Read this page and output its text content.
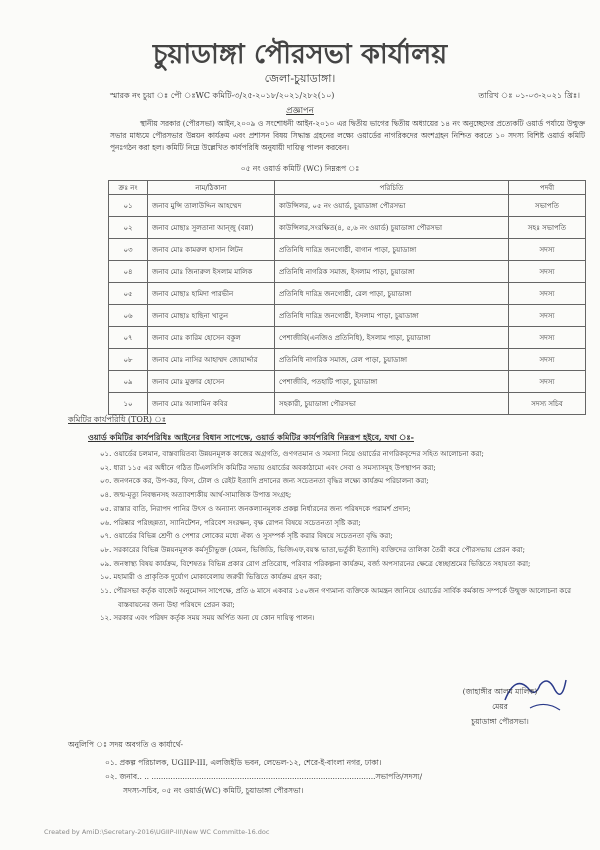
চুয়াডাঙ্গা পৌরসভা কার্যালয়
জেলা-চুয়াডাঙ্গা।
স্মারক নং চুয়া ঃ পৌ ঃWC কমিটি-৩/২৫-২০১৮/২০২১/২৮২(১০)	তারিখ ঃ ০১-০৩-২০২১ খ্রিঃ।
প্রজ্ঞাপন
স্থানীয় সরকার (পৌরসভা) আইন,২০০৯ ও সংশোধনী আইন-২০১০ এর দ্বিতীয় ভাগের দ্বিতীয় অধ্যায়ের ১৪ নং অনুচ্ছেদের প্রত্যেকটি ওয়ার্ড পর্যায়ে উন্মুক্ত সভার মাধ্যমে পৌরসভার উন্নয়ন কার্যক্রম এবং প্রশাসন বিষয় সিদ্ধান্ত গ্রহনের লক্ষ্যে ওয়ার্ডের নাগরিকদের অংশগ্রহন নিশ্চিত করতে ১০ সদস্য বিশিষ্ট ওয়ার্ড কমিটি পুনঃগঠন করা হল। কমিটি নিম্নে উল্লেখিত কার্যপরিধি অনুযায়ী দায়িত্ব পালন করবেন।
০৫ নং ওয়ার্ড কমিটি (WC) নিম্নরূপ ঃ
ক্রঃ নং	নাম/ঠিকানা	পরিচিতি	পদবী
০১	জনাব মুন্সি তালাউদ্দিন আহম্মেদ	কাউন্সিলর, ০৫ নং ওয়ার্ড, চুয়াডাঙ্গা পৌরসভা	সভাপতি
০২	জনাব মোছাঃ সুলতানা আন্জু (বন্না)	কাউন্সিলর,সংরক্ষিত(৪, ৫,৬ নং ওয়ার্ড) চুয়াডাঙ্গা পৌরসভা	সহঃ সভাপতি
০৩	জনাব মোঃ কামরুল হাসান লিটন	প্রতিনিধি দারিদ্র জনগোষ্ঠী, বাগান পাড়া, চুয়াডাঙ্গা	সদস্য
০৪	জনাব মোঃ জিনারুল ইসলাম মালিক	প্রতিনিধি নাগরিক সমাজ, ইসলাম পাড়া, চুয়াডাঙ্গা	সদস্য
০৫	জনাব মোছাঃ হামিদা পারভীন	প্রতিনিধি দারিদ্র জনগোষ্ঠী, রেল পাড়া, চুয়াডাঙ্গা	সদস্য
০৬	জনাব মোছাঃ হাছিনা খাতুন	প্রতিনিধি দারিদ্র জনগোষ্ঠী, ইসলাম পাড়া, চুয়াডাঙ্গা	সদস্য
০৭	জনাব মোঃ কারিম হোসেন বকুল	পেশাজীবি(এনজিও প্রতিনিধি), ইসলাম পাড়া, চুয়াডাঙ্গা	সদস্য
০৮	জনাব মোঃ নাসির আহাম্মদ জোয়ার্দ্দার	প্রতিনিধি নাগরিক সমাজ, রেল পাড়া, চুয়াডাঙ্গা	সদস্য
০৯	জনাব মোঃ মুক্তার হোসেন	পেশাজীবি, পতহাটি পাড়া, চুয়াডাঙ্গা	সদস্য
১০	জনাব মোঃ আলামিন কবির	সহকারী, চুয়াডাঙ্গা পৌরসভা	সদস্য সচিব
কমিটির কার্যপরিধি (TOR) ঃ
ওয়ার্ড কমিটির কার্যপরিধিঃ আইনের বিধান সাপেক্ষে, ওয়ার্ড কমিটির কার্যপরিধি নিম্নরূপ হইবে, যথা ঃ-
০১. ওয়ার্ডের চলমান, বাস্তবায়িতব্য উন্নয়নমূলক কাজের অগ্রগতি, গুণগতমান ও সমস্যা নিয়ে ওয়ার্ডের নাগরিকবৃন্দের সহিত আলোচনা করা;
০২. ধারা ১১৫ এর অধীনে গঠিত টিএলসিসি কমিটির সভায় ওয়ার্ডের অবকাঠামো এবং সেবা ও সমস্যাসমূহ উপস্থাপন করা;
০৩. জনগনকে কর, উপ-কর, ফিস, টোল ও রেইট ইত্যাদি প্রদানের জন্য সচেতনতা বৃদ্ধির লক্ষ্যে কার্যক্রম পরিচালনা করা;
০৪. জন্ম-মৃত্যু নিবন্ধনসহ অত্যাবশ্যকীয় আর্থ-সামাজিক উপাত্ত সংগ্রহ;
০৫. রাস্তার বাতি, নিরাপদ পানির উৎস ও অন্যান্য জনকল্যানমূলক প্রকল্প নির্ধারনের জন্য পরিষদকে পরামর্শ প্রদান;
০৬. পরিষ্কার পরিচ্ছন্নতা, স্যানিটেশন, পরিবেশ সংরক্ষন, বৃক্ষ রোপন বিষয়ে সচেতনতা সৃষ্টি করা;
০৭. ওয়ার্ডের বিভিন্ন শ্রেণী ও পেশার লোকের মধ্যে ঐক্য ও সুসম্পর্ক সৃষ্টি করার বিষয়ে সচেতনতা বৃদ্ধি করা;
০৮. সরকারের বিভিন্ন উন্নয়নমূলক কর্মসূচীভুক্ত (যেমন, ভিজিডি, ভিজিএফ,বয়স্ক ভাতা,ভর্তুকী ইত্যাদি) ব্যক্তিদের তালিকা তৈরী করে পৌরসভায় প্রেরন করা;
০৯. জনস্বাস্থ্য বিষয় কার্যক্রম, বিশেষতঃ বিভিন্ন প্রকার রোগ প্রতিরোধ, পরিবার পরিকল্পনা কার্যক্রম, বর্জ্য অপসারনের ক্ষেত্রে স্বেচ্ছাশ্রমের ভিত্তিতে সহায়তা করা;
১০. মহামারী ও প্রাকৃতিক দুর্যোগ মোকাবেলায় জরুরী ভিত্তিতে কার্যক্রম গ্রহন করা;
১১. পৌরসভা কর্তৃক বাজেট অনুমোদন সাপেক্ষে, প্রতি ৬ মাসে একবার ১৫০জন গণ্যমান্য ব্যক্তিকে আমন্ত্রন জানিয়ে ওয়ার্ডের সার্বিক কর্মকান্ড সম্পর্কে উন্মুক্ত আলোচনা করে বাস্তবায়নের জন্য উহা পরিষদে প্রেরন করা;
১২. সরকার এবং পরিষদ কর্তৃক সময় সময় অর্পিত অন্য যে কোন দায়িত্ব পালন।
(জাহাঙ্গীর আলম মালিক)
মেয়র
চুয়াডাঙ্গা পৌরসভা।
অনুলিপি ঃ সদয় অবগতি ও কার্যার্থে-
০১. প্রকল্প পরিচালক, UGIIP-III, এলজিইডি ভবন, লেভেল-১২, শেরে-ই-বাংলা নগর, ঢাকা।
০২. জনাব.. .. ..............................................................................................সভাপতি/সদস্য/
সদস্য-সচিব, ০৫ নং ওয়ার্ড(WC) কমিটি, চুয়াডাঙ্গা পৌরসভা।
Created by AmiD:\Secretary-2016\UGIIP-III\New WC Committe-16.doc
